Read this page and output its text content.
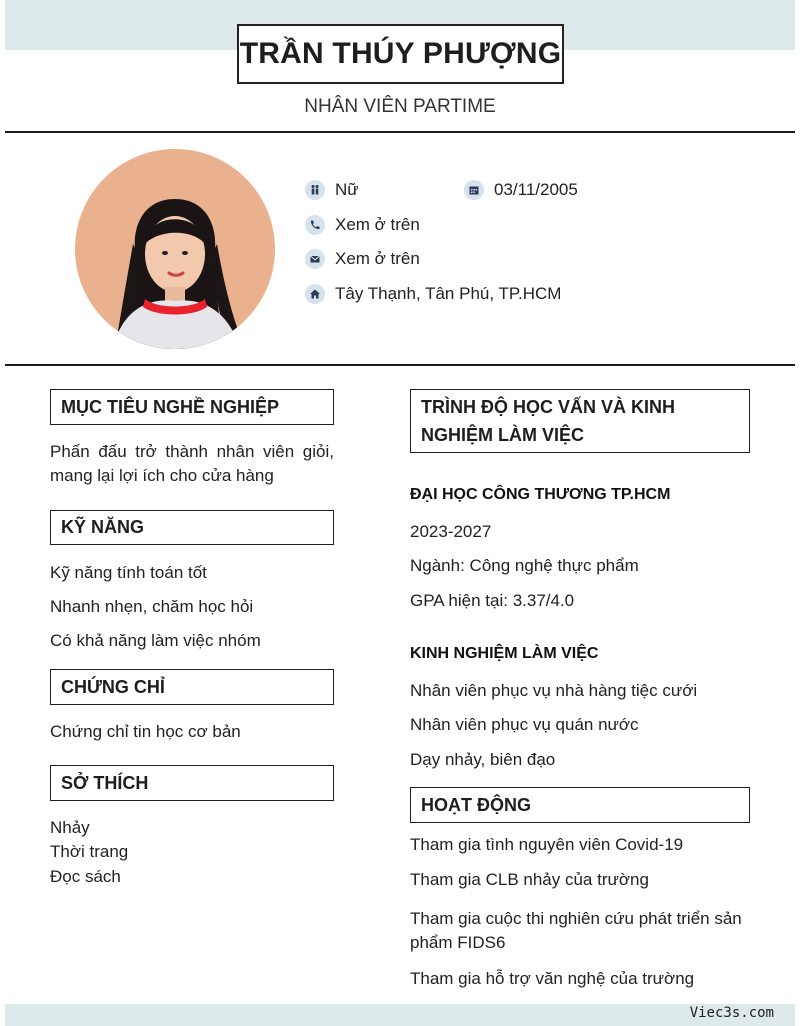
TRẦN THÚY PHƯỢNG
NHÂN VIÊN PARTIME
Nữ	03/11/2005
Xem ở trên
Xem ở trên
Tây Thạnh, Tân Phú, TP.HCM
MỤC TIÊU NGHỀ NGHIỆP
Phấn đấu trở thành nhân viên giỏi, mang lại lợi ích cho cửa hàng
KỸ NĂNG
Kỹ năng tính toán tốt
Nhanh nhẹn, chăm học hỏi
Có khả năng làm việc nhóm
CHỨNG CHỈ
Chứng chỉ tin học cơ bản
SỞ THÍCH
Nhảy
Thời trang
Đọc sách
TRÌNH ĐỘ HỌC VẤN VÀ KINH NGHIỆM LÀM VIỆC
ĐẠI HỌC CÔNG THƯƠNG TP.HCM
2023-2027
Ngành: Công nghệ thực phẩm
GPA hiện tại: 3.37/4.0
KINH NGHIỆM LÀM VIỆC
Nhân viên phục vụ nhà hàng tiệc cưới
Nhân viên phục vụ quán nước
Dạy nhảy, biên đạo
HOẠT ĐỘNG
Tham gia tình nguyên viên Covid-19
Tham gia CLB nhảy của trường
Tham gia cuộc thi nghiên cứu phát triển sản phẩm FIDS6
Tham gia hỗ trợ văn nghệ của trường
Viec3s.com
